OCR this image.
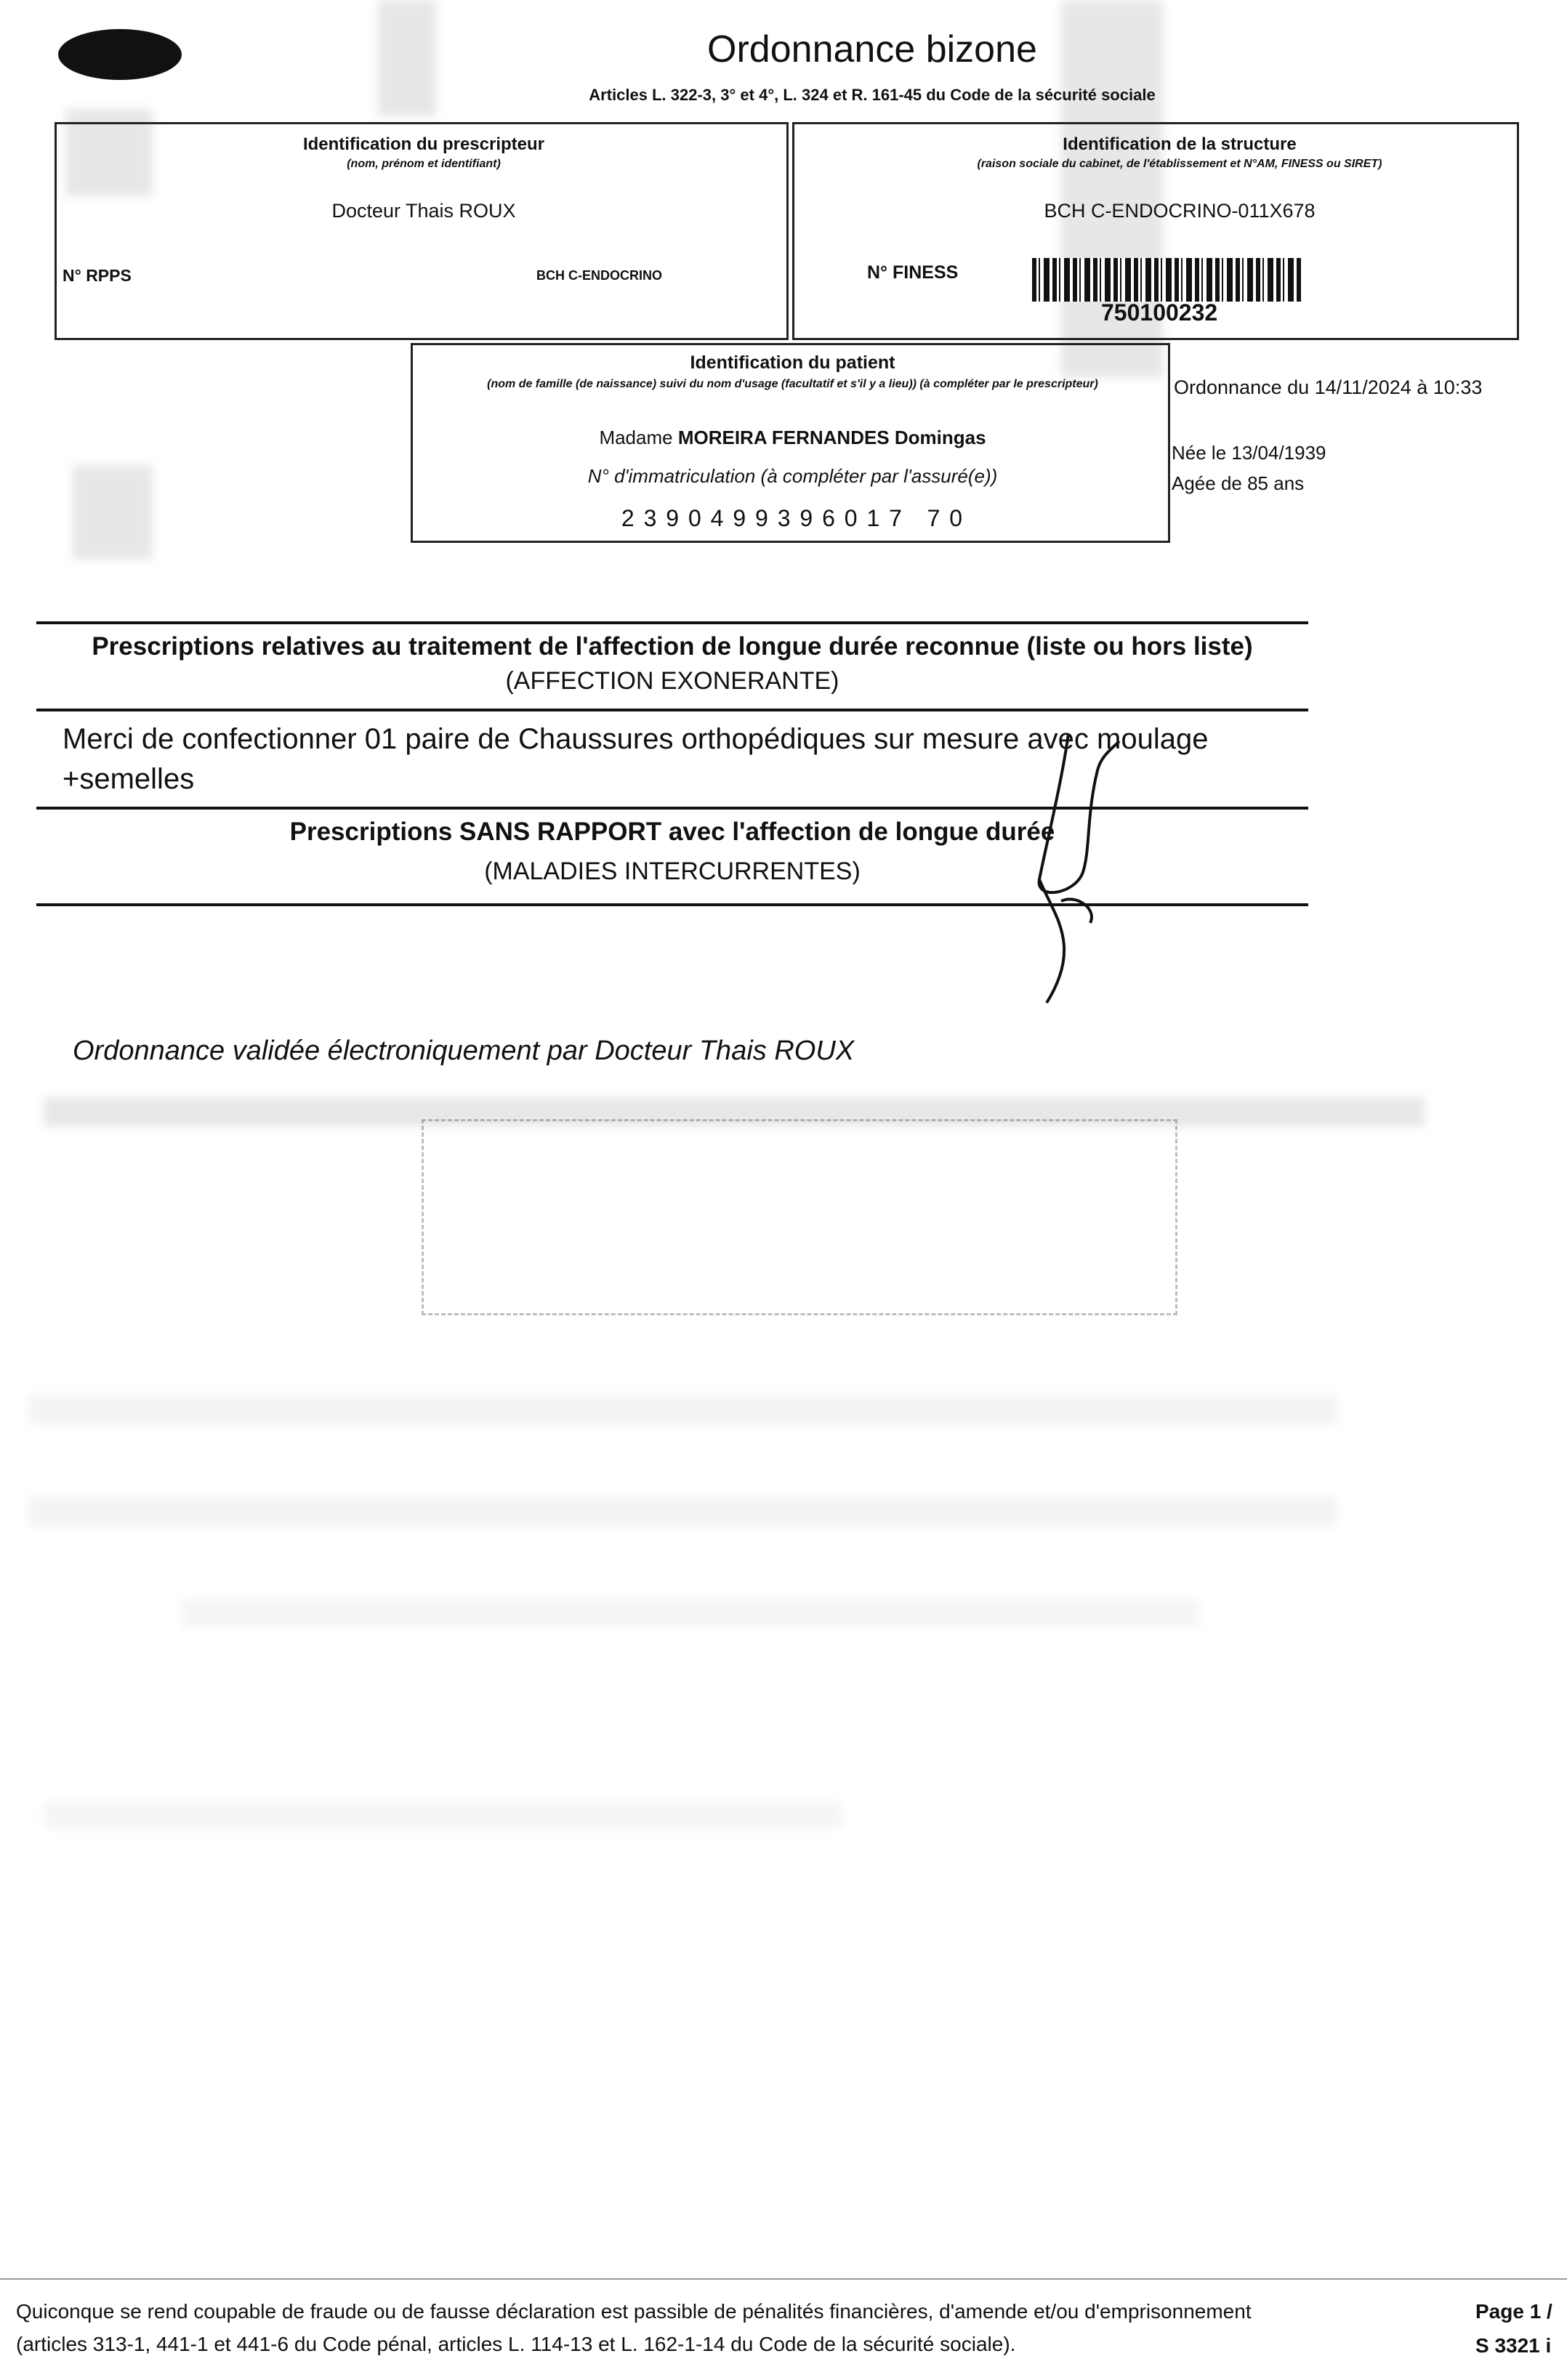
Ordonnance bizone
Articles L. 322-3, 3° et 4°, L. 324 et R. 161-45 du Code de la sécurité sociale
Identification du prescripteur
(nom, prénom et identifiant)
Docteur Thais ROUX
N° RPPS	BCH C-ENDOCRINO
Identification de la structure
(raison sociale du cabinet, de l'établissement et N°AM, FINESS ou SIRET)
BCH C-ENDOCRINO-011X678
N° FINESS
750100232
Identification du patient
(nom de famille (de naissance) suivi du nom d'usage (facultatif et s'il y a lieu)) (à compléter par le prescripteur)
Madame MOREIRA FERNANDES Domingas
N° d'immatriculation (à compléter par l'assuré(e))
2 3 9 0 4 9 9 3 9 6 0 1 7   7 0
Ordonnance du 14/11/2024 à 10:33
Née le 13/04/1939
Agée de 85 ans
Prescriptions relatives au traitement de l'affection de longue durée reconnue (liste ou hors liste)
(AFFECTION EXONERANTE)
Merci de confectionner 01 paire de Chaussures orthopédiques sur mesure avec moulage +semelles
Prescriptions SANS RAPPORT avec l'affection de longue durée
(MALADIES INTERCURRENTES)
Ordonnance validée électroniquement par Docteur Thais ROUX
Quiconque se rend coupable de fraude ou de fausse déclaration est passible de pénalités financières, d'amende et/ou d'emprisonnement
(articles 313-1, 441-1 et 441-6 du Code pénal, articles L. 114-13 et L. 162-1-14 du Code de la sécurité sociale).
Page 1 /
S 3321 i
